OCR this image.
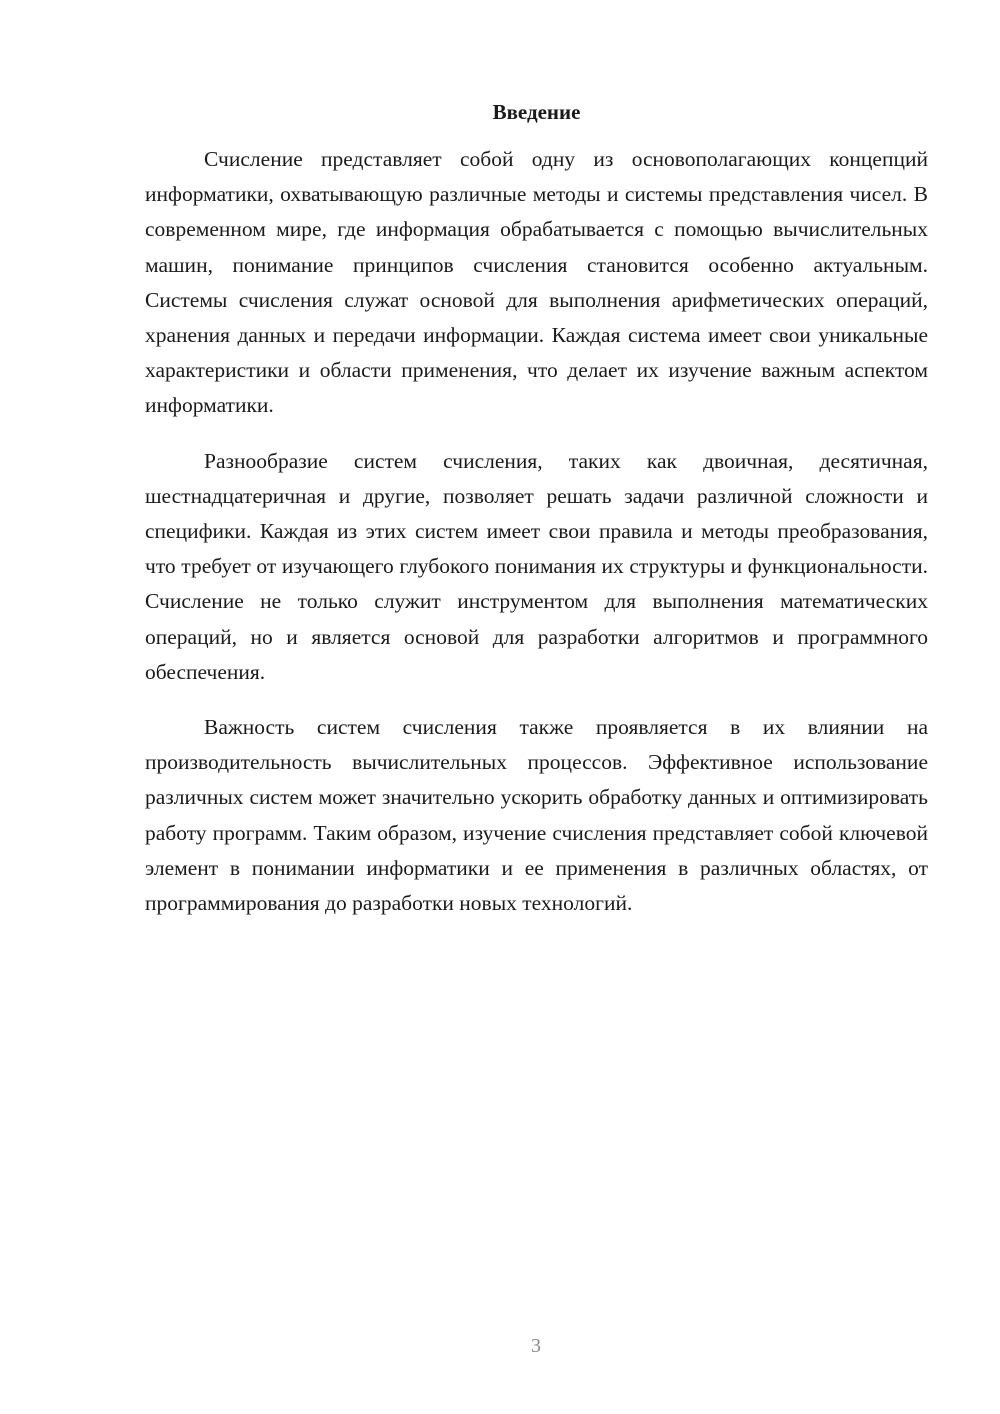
Введение

Счисление представляет собой одну из основополагающих концепций информатики, охватывающую различные методы и системы представления чисел. В современном мире, где информация обрабатывается с помощью вычислительных машин, понимание принципов счисления становится особенно актуальным. Системы счисления служат основой для выполнения арифметических операций, хранения данных и передачи информации. Каждая система имеет свои уникальные характеристики и области применения, что делает их изучение важным аспектом информатики.

Разнообразие систем счисления, таких как двоичная, десятичная, шестнадцатеричная и другие, позволяет решать задачи различной сложности и специфики. Каждая из этих систем имеет свои правила и методы преобразования, что требует от изучающего глубокого понимания их структуры и функциональности. Счисление не только служит инструментом для выполнения математических операций, но и является основой для разработки алгоритмов и программного обеспечения.

Важность систем счисления также проявляется в их влиянии на производительность вычислительных процессов. Эффективное использование различных систем может значительно ускорить обработку данных и оптимизировать работу программ. Таким образом, изучение счисления представляет собой ключевой элемент в понимании информатики и ее применения в различных областях, от программирования до разработки новых технологий.

3
